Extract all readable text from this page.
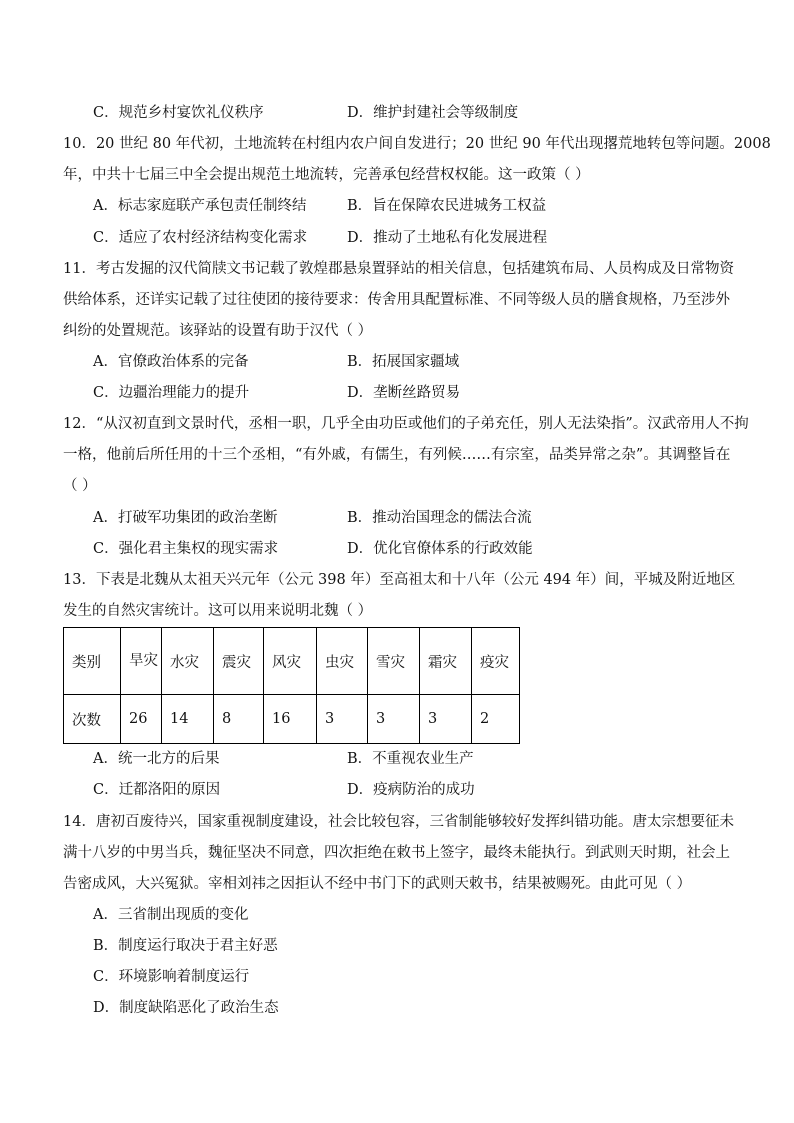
C．规范乡村宴饮礼仪秩序	D．维护封建社会等级制度
10．20 世纪 80 年代初，土地流转在村组内农户间自发进行；20 世纪 90 年代出现撂荒地转包等问题。2008
年，中共十七届三中全会提出规范土地流转，完善承包经营权权能。这一政策（ ）
A．标志家庭联产承包责任制终结	B．旨在保障农民进城务工权益
C．适应了农村经济结构变化需求	D．推动了土地私有化发展进程
11．考古发掘的汉代简牍文书记载了敦煌郡悬泉置驿站的相关信息，包括建筑布局、人员构成及日常物资
供给体系，还详实记载了过往使团的接待要求：传舍用具配置标准、不同等级人员的膳食规格，乃至涉外
纠纷的处置规范。该驿站的设置有助于汉代（ ）
A．官僚政治体系的完备	B．拓展国家疆域
C．边疆治理能力的提升	D．垄断丝路贸易
12．“从汉初直到文景时代，丞相一职，几乎全由功臣或他们的子弟充任，别人无法染指”。汉武帝用人不拘
一格，他前后所任用的十三个丞相，“有外戚，有儒生，有列候……有宗室，品类异常之杂”。其调整旨在
（ ）
A．打破军功集团的政治垄断	B．推动治国理念的儒法合流
C．强化君主集权的现实需求	D．优化官僚体系的行政效能
13．下表是北魏从太祖天兴元年（公元 398 年）至高祖太和十八年（公元 494 年）间，平城及附近地区
发生的自然灾害统计。这可以用来说明北魏（ ）
类别	旱灾	水灾	震灾	风灾	虫灾	雪灾	霜灾	疫灾
次数	26	14	8	16	3	3	3	2
A．统一北方的后果	B．不重视农业生产
C．迁都洛阳的原因	D．疫病防治的成功
14．唐初百废待兴，国家重视制度建设，社会比较包容，三省制能够较好发挥纠错功能。唐太宗想要征未
满十八岁的中男当兵，魏征坚决不同意，四次拒绝在敕书上签字，最终未能执行。到武则天时期，社会上
告密成风，大兴冤狱。宰相刘祎之因拒认不经中书门下的武则天敕书，结果被赐死。由此可见（ ）
A．三省制出现质的变化
B．制度运行取决于君主好恶
C．环境影响着制度运行
D．制度缺陷恶化了政治生态
